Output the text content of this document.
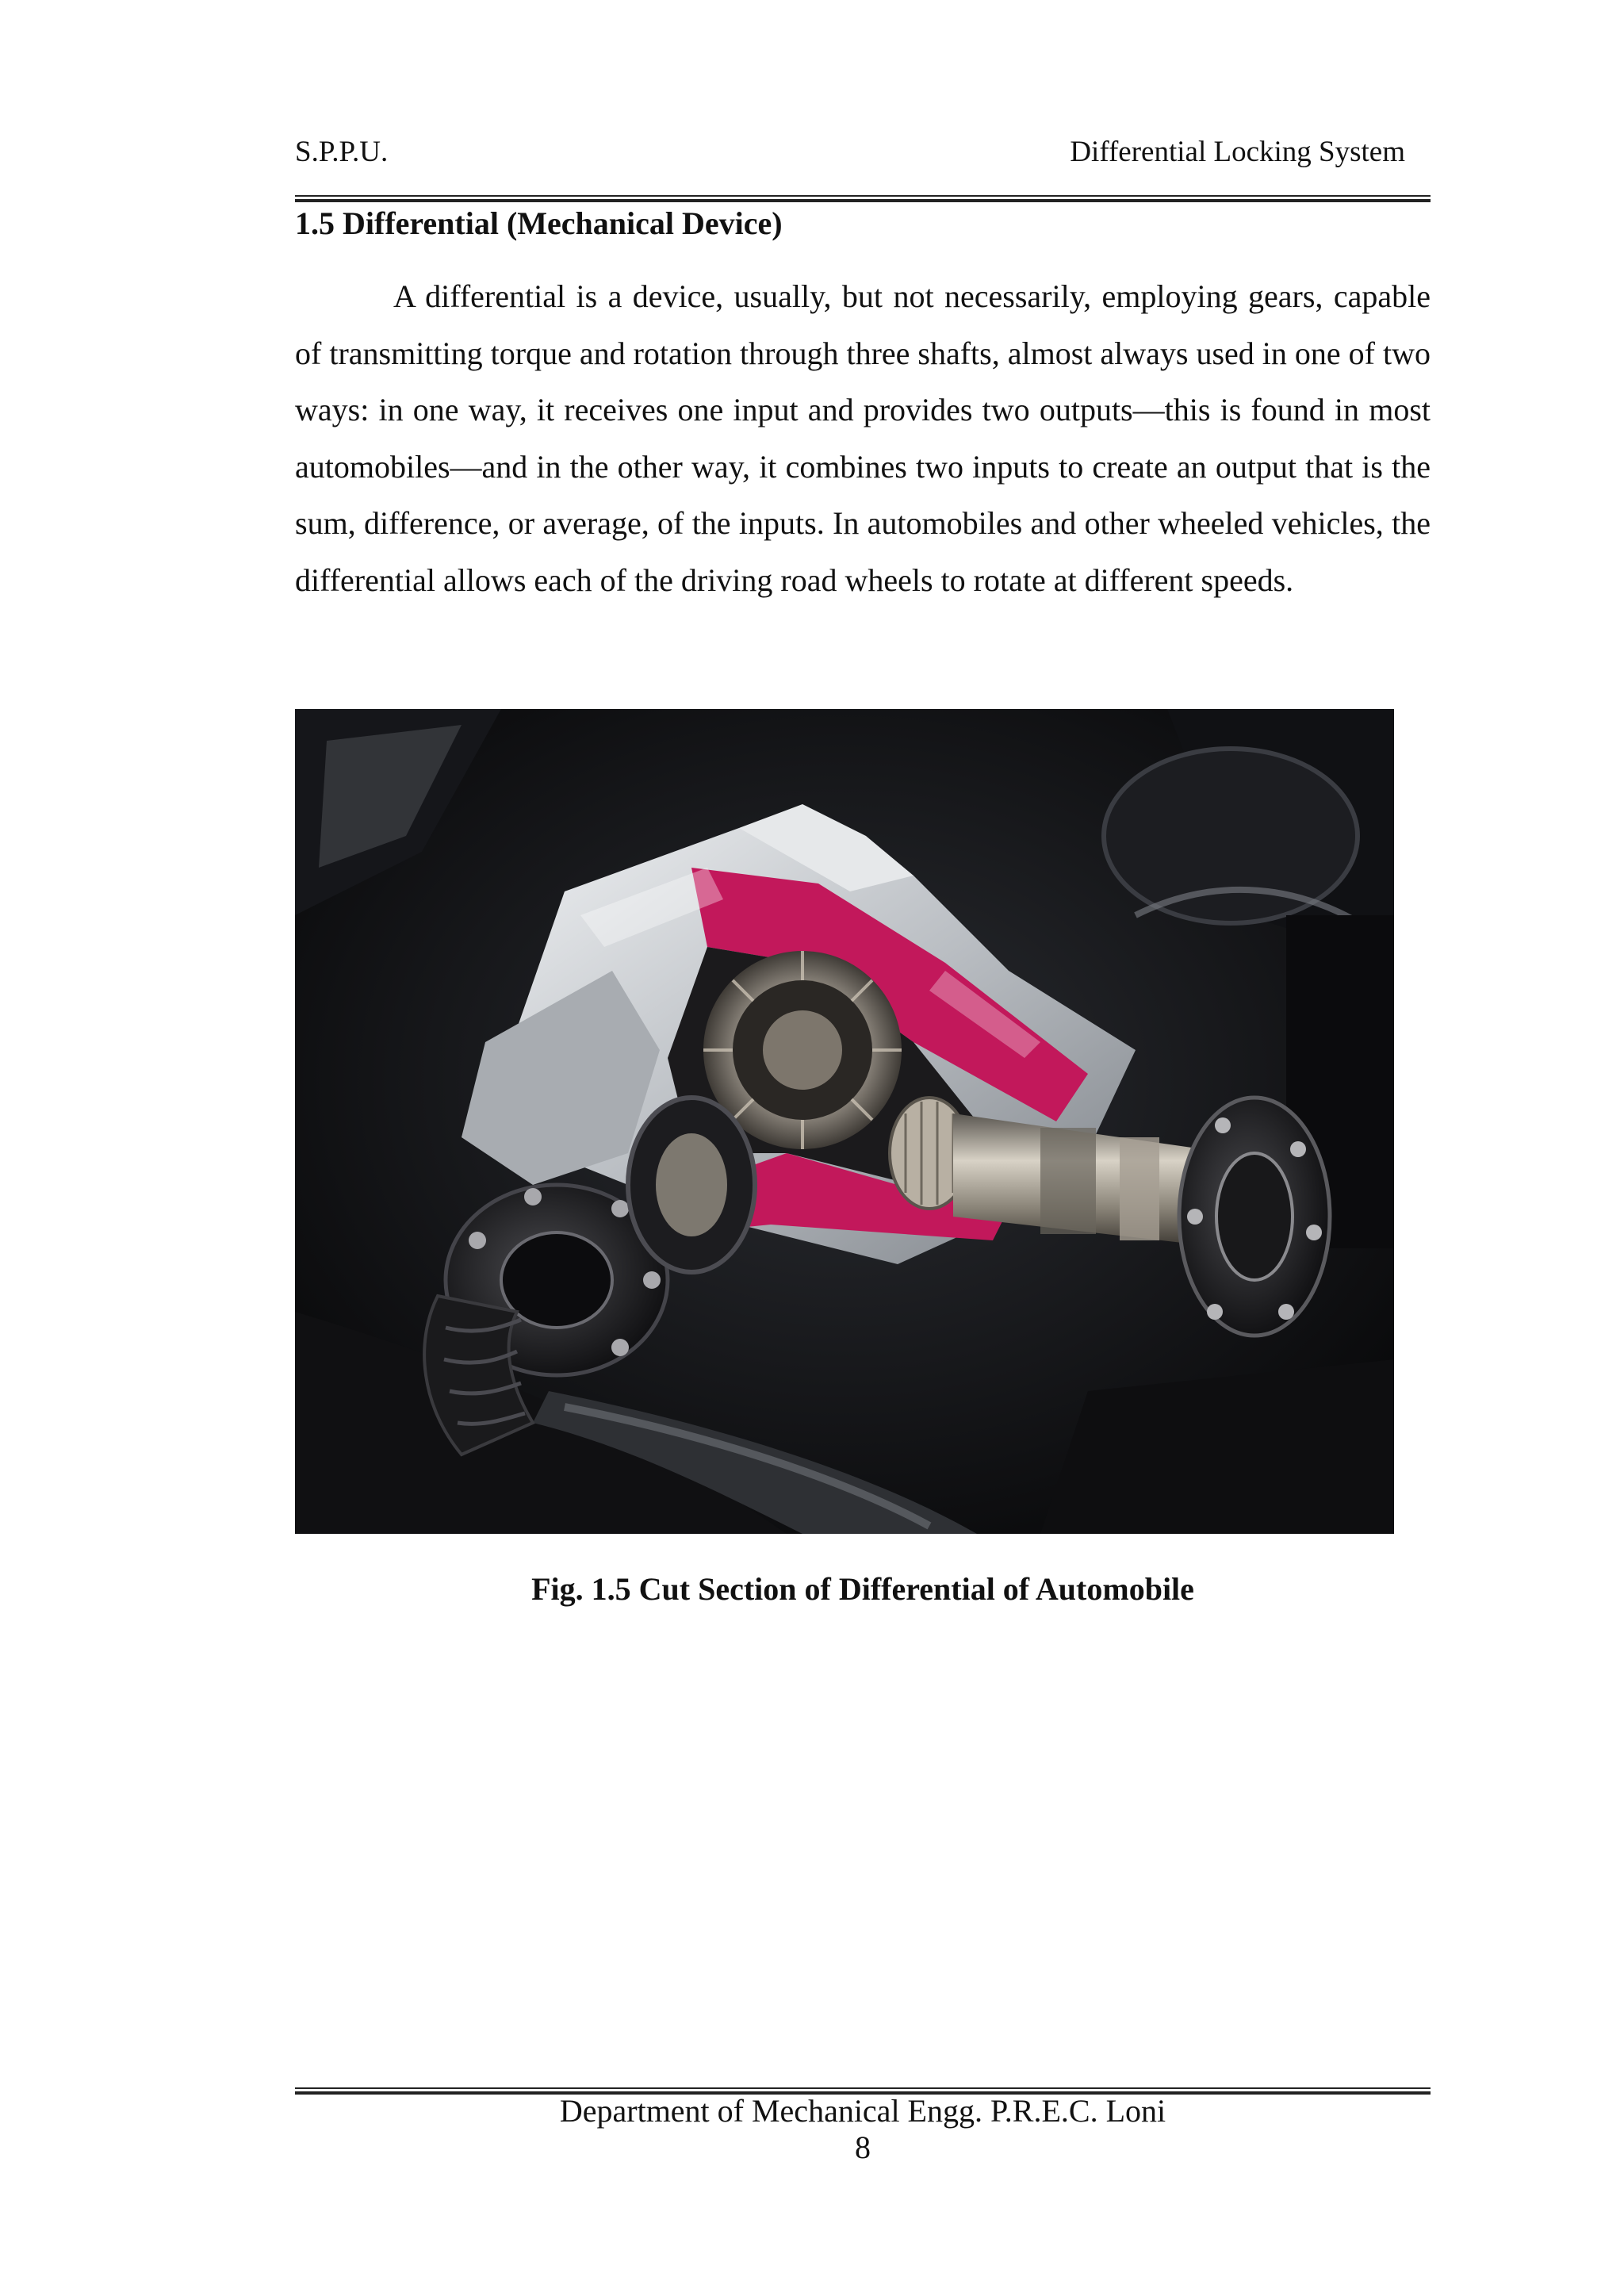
S.P.P.U.	Differential Locking System
1.5 Differential (Mechanical Device)

A differential is a device, usually, but not necessarily, employing gears, capable of transmitting torque and rotation through three shafts, almost always used in one of two ways: in one way, it receives one input and provides two outputs—this is found in most automobiles—and in the other way, it combines two inputs to create an output that is the sum, difference, or average, of the inputs. In automobiles and other wheeled vehicles, the differential allows each of the driving road wheels to rotate at different speeds.

Fig. 1.5 Cut Section of Differential of Automobile
Department of Mechanical Engg. P.R.E.C. Loni
8
